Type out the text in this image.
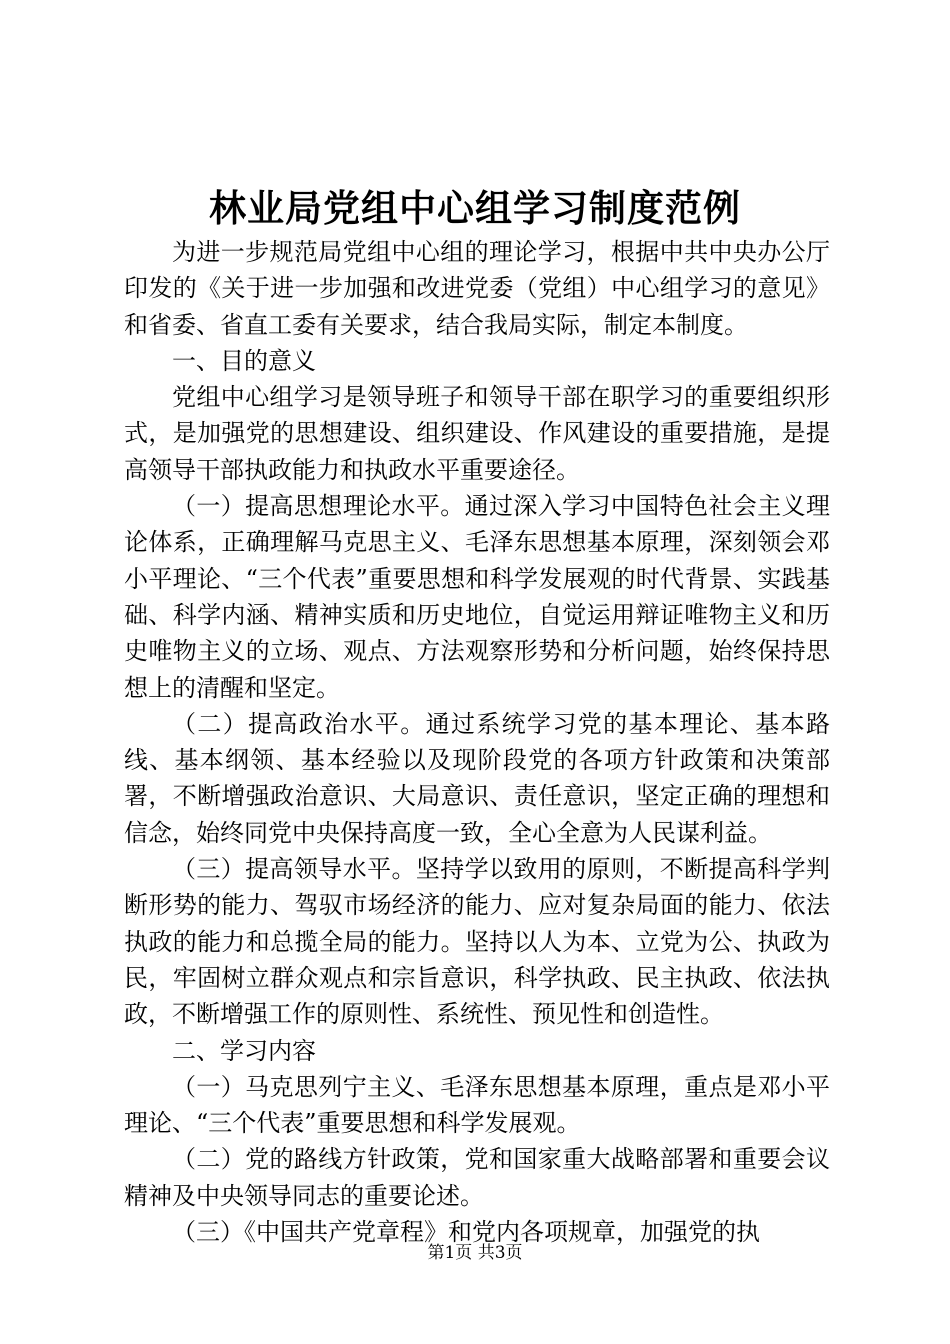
林业局党组中心组学习制度范例

为进一步规范局党组中心组的理论学习，根据中共中央办公厅印发的《关于进一步加强和改进党委（党组）中心组学习的意见》和省委、省直工委有关要求，结合我局实际，制定本制度。

一、目的意义

党组中心组学习是领导班子和领导干部在职学习的重要组织形式，是加强党的思想建设、组织建设、作风建设的重要措施，是提高领导干部执政能力和执政水平重要途径。

（一）提高思想理论水平。通过深入学习中国特色社会主义理论体系，正确理解马克思主义、毛泽东思想基本原理，深刻领会邓小平理论、“三个代表”重要思想和科学发展观的时代背景、实践基础、科学内涵、精神实质和历史地位，自觉运用辩证唯物主义和历史唯物主义的立场、观点、方法观察形势和分析问题，始终保持思想上的清醒和坚定。

（二）提高政治水平。通过系统学习党的基本理论、基本路线、基本纲领、基本经验以及现阶段党的各项方针政策和决策部署，不断增强政治意识、大局意识、责任意识，坚定正确的理想和信念，始终同党中央保持高度一致，全心全意为人民谋利益。

（三）提高领导水平。坚持学以致用的原则，不断提高科学判断形势的能力、驾驭市场经济的能力、应对复杂局面的能力、依法执政的能力和总揽全局的能力。坚持以人为本、立党为公、执政为民，牢固树立群众观点和宗旨意识，科学执政、民主执政、依法执政，不断增强工作的原则性、系统性、预见性和创造性。

二、学习内容

（一）马克思列宁主义、毛泽东思想基本原理，重点是邓小平理论、“三个代表”重要思想和科学发展观。

（二）党的路线方针政策，党和国家重大战略部署和重要会议精神及中央领导同志的重要论述。

（三）《中国共产党章程》和党内各项规章，加强党的执

第1页 共3页
